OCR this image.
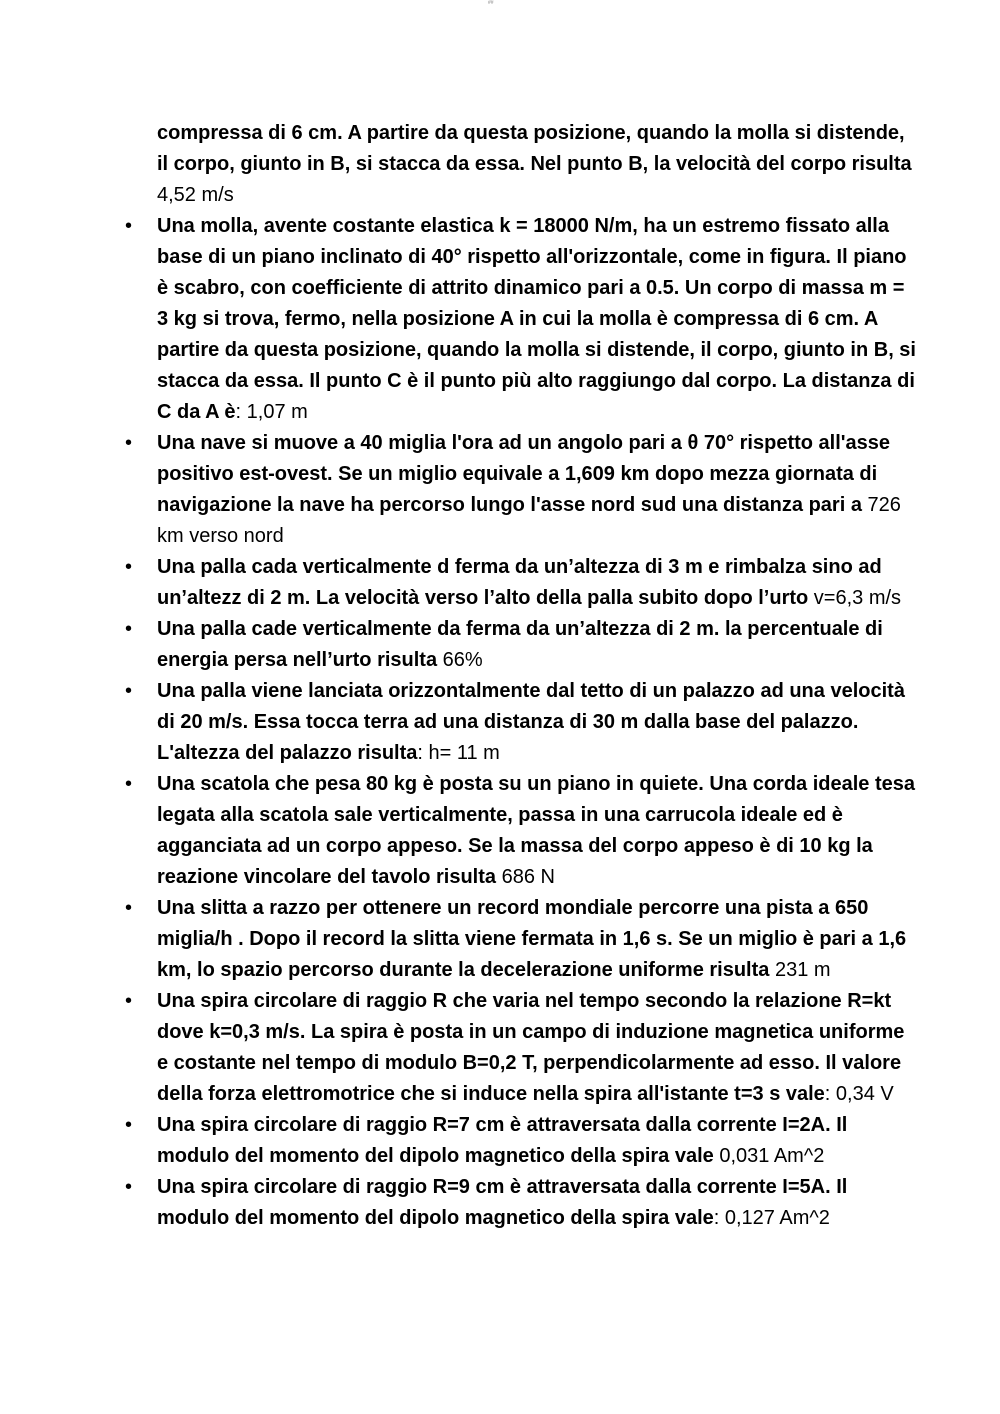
##

compressa di 6 cm. A partire da questa posizione, quando la molla si distende, il corpo, giunto in B, si stacca da essa. Nel punto B, la velocità del corpo risulta 4,52 m/s

• Una molla, avente costante elastica k = 18000 N/m, ha un estremo fissato alla base di un piano inclinato di 40° rispetto all'orizzontale, come in figura. Il piano è scabro, con coefficiente di attrito dinamico pari a 0.5. Un corpo di massa m = 3 kg si trova, fermo, nella posizione A in cui la molla è compressa di 6 cm. A partire da questa posizione, quando la molla si distende, il corpo, giunto in B, si stacca da essa. Il punto C è il punto più alto raggiungo dal corpo. La distanza di C da A è: 1,07 m
• Una nave si muove a 40 miglia l'ora ad un angolo pari a θ 70° rispetto all'asse positivo est-ovest. Se un miglio equivale a 1,609 km dopo mezza giornata di navigazione la nave ha percorso lungo l'asse nord sud una distanza pari a 726 km verso nord
• Una palla cada verticalmente d ferma da un’altezza di 3 m e rimbalza sino ad un’altezz di 2 m. La velocità verso l’alto della palla subito dopo l’urto v=6,3 m/s
• Una palla cade verticalmente da ferma da un’altezza di 2 m. la percentuale di energia persa nell’urto risulta 66%
• Una palla viene lanciata orizzontalmente dal tetto di un palazzo ad una velocità di 20 m/s. Essa tocca terra ad una distanza di 30 m dalla base del palazzo. L'altezza del palazzo risulta: h= 11 m
• Una scatola che pesa 80 kg è posta su un piano in quiete. Una corda ideale tesa legata alla scatola sale verticalmente, passa in una carrucola ideale ed è agganciata ad un corpo appeso. Se la massa del corpo appeso è di 10 kg la reazione vincolare del tavolo risulta 686 N
• Una slitta a razzo per ottenere un record mondiale percorre una pista a 650 miglia/h . Dopo il record la slitta viene fermata in 1,6 s. Se un miglio è pari a 1,6 km, lo spazio percorso durante la decelerazione uniforme risulta 231 m
• Una spira circolare di raggio R che varia nel tempo secondo la relazione R=kt dove k=0,3 m/s. La spira è posta in un campo di induzione magnetica uniforme e costante nel tempo di modulo B=0,2 T, perpendicolarmente ad esso. Il valore della forza elettromotrice che si induce nella spira all'istante t=3 s vale: 0,34 V
• Una spira circolare di raggio R=7 cm è attraversata dalla corrente I=2A. Il modulo del momento del dipolo magnetico della spira vale 0,031 Am^2
• Una spira circolare di raggio R=9 cm è attraversata dalla corrente I=5A. Il modulo del momento del dipolo magnetico della spira vale: 0,127 Am^2
